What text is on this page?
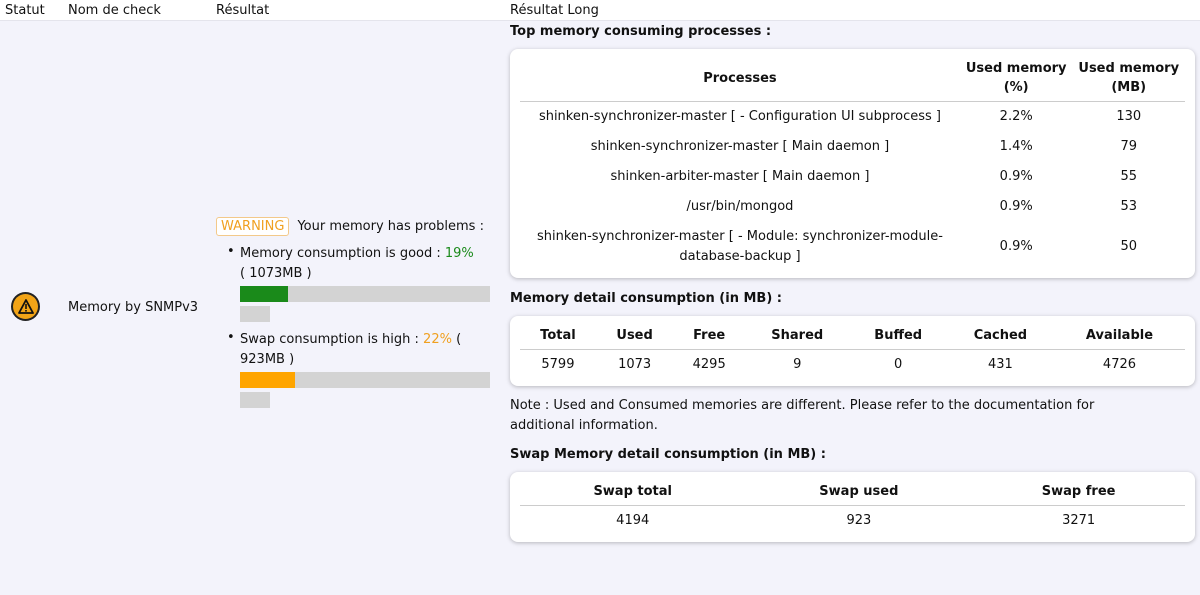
Statut Nom de check	Résultat	Résultat Long
Memory by SNMPv3
WARNING	Your memory has problems :
• Memory consumption is good : 19%
( 1073MB )
• Swap consumption is high : 22% ( 923MB )
Top memory consuming processes :
Processes	Used memory (%)	Used memory (MB)
shinken-synchronizer-master [ - Configuration UI subprocess ]	2.2%	130
shinken-synchronizer-master [ Main daemon ]	1.4%	79
shinken-arbiter-master [ Main daemon ]	0.9%	55
/usr/bin/mongod	0.9%	53
shinken-synchronizer-master [ - Module: synchronizer-module-database-backup ]	0.9%	50
Memory detail consumption (in MB) :
Total	Used	Free	Shared	Buffed	Cached	Available
5799	1073	4295	9	0	431	4726
Note : Used and Consumed memories are different. Please refer to the documentation for additional information.
Swap Memory detail consumption (in MB) :
Swap total	Swap used	Swap free
4194	923	3271
